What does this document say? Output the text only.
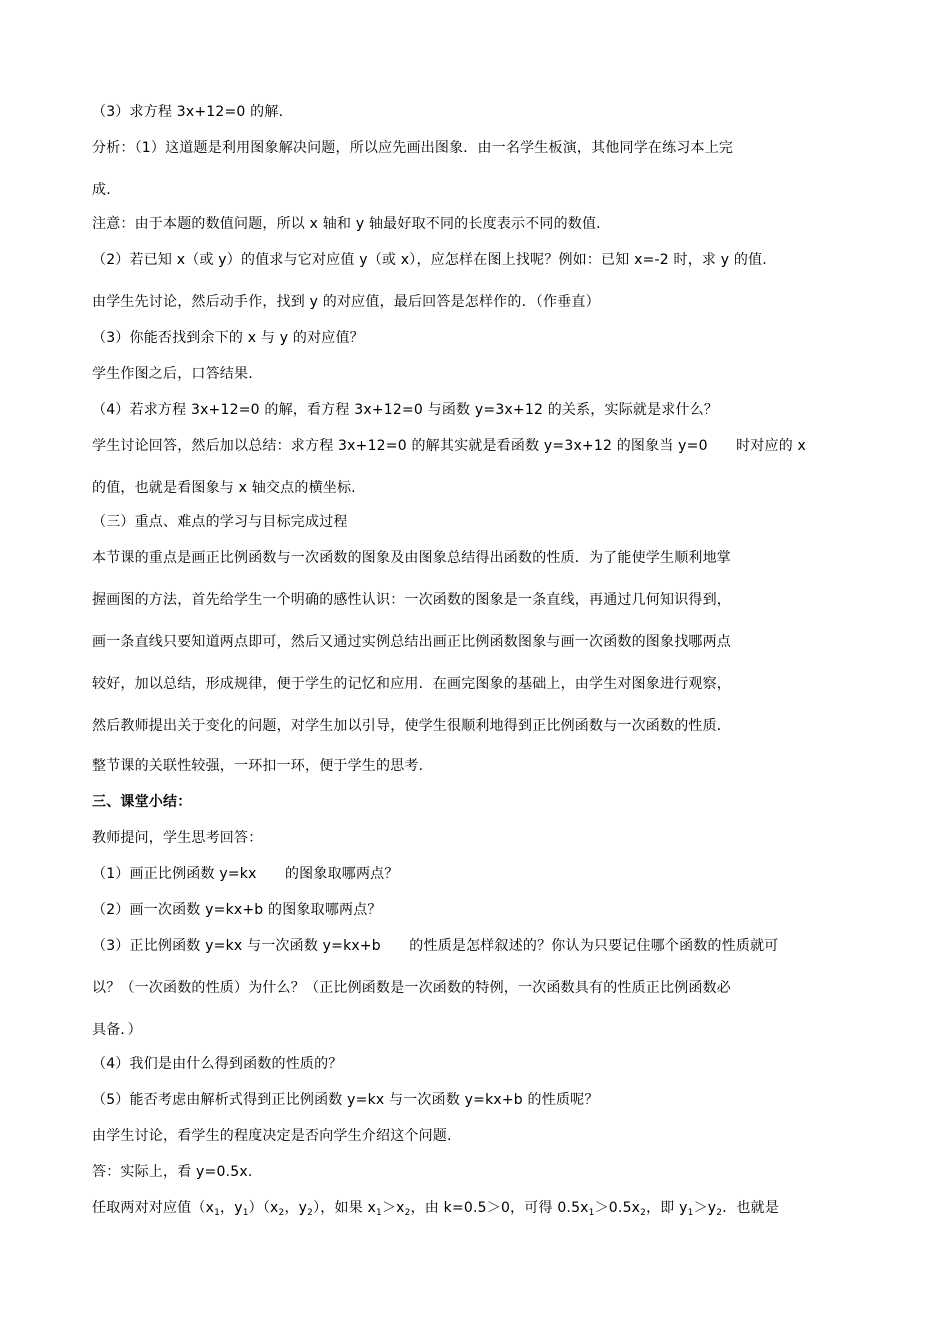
（3）求方程 3x+12=0 的解.
分析：（1）这道题是利用图象解决问题，所以应先画出图象．由一名学生板演，其他同学在练习本上完
成.
注意：由于本题的数值问题，所以 x 轴和 y 轴最好取不同的长度表示不同的数值.
（2）若已知 x（或 y）的值求与它对应值 y（或 x），应怎样在图上找呢？例如：已知 x=-2 时，求 y 的值.
由学生先讨论，然后动手作，找到 y 的对应值，最后回答是怎样作的．（作垂直）
（3）你能否找到余下的 x 与 y 的对应值？
学生作图之后，口答结果.
（4）若求方程 3x+12=0 的解，看方程 3x+12=0 与函数 y=3x+12 的关系，实际就是求什么？
学生讨论回答，然后加以总结：求方程 3x+12=0 的解其实就是看函数 y=3x+12 的图象当 y=0　　时对应的 x
的值，也就是看图象与 x 轴交点的横坐标.
（三）重点、难点的学习与目标完成过程
本节课的重点是画正比例函数与一次函数的图象及由图象总结得出函数的性质．为了能使学生顺利地掌
握画图的方法，首先给学生一个明确的感性认识：一次函数的图象是一条直线，再通过几何知识得到，
画一条直线只要知道两点即可，然后又通过实例总结出画正比例函数图象与画一次函数的图象找哪两点
较好，加以总结，形成规律，便于学生的记忆和应用．在画完图象的基础上，由学生对图象进行观察，
然后教师提出关于变化的问题，对学生加以引导，使学生很顺利地得到正比例函数与一次函数的性质．
整节课的关联性较强，一环扣一环，便于学生的思考.
三、课堂小结：
教师提问，学生思考回答：
（1）画正比例函数 y=kx　　的图象取哪两点？
（2）画一次函数 y=kx+b 的图象取哪两点？
（3）正比例函数 y=kx 与一次函数 y=kx+b　　的性质是怎样叙述的？你认为只要记住哪个函数的性质就可
以？（一次函数的性质）为什么？（正比例函数是一次函数的特例，一次函数具有的性质正比例函数必
具备．）
（4）我们是由什么得到函数的性质的？
（5）能否考虑由解析式得到正比例函数 y=kx 与一次函数 y=kx+b 的性质呢？
由学生讨论，看学生的程度决定是否向学生介绍这个问题.
答：实际上，看 y=0.5x.
任取两对对应值（$x_1$，$y_1)(x_2$，$y_2$），如果 $x_1>x_2$，由 k=0.5＞0，可得 $0.5x_1>0.5x_2$，即 $y_1>y_2$．也就是
